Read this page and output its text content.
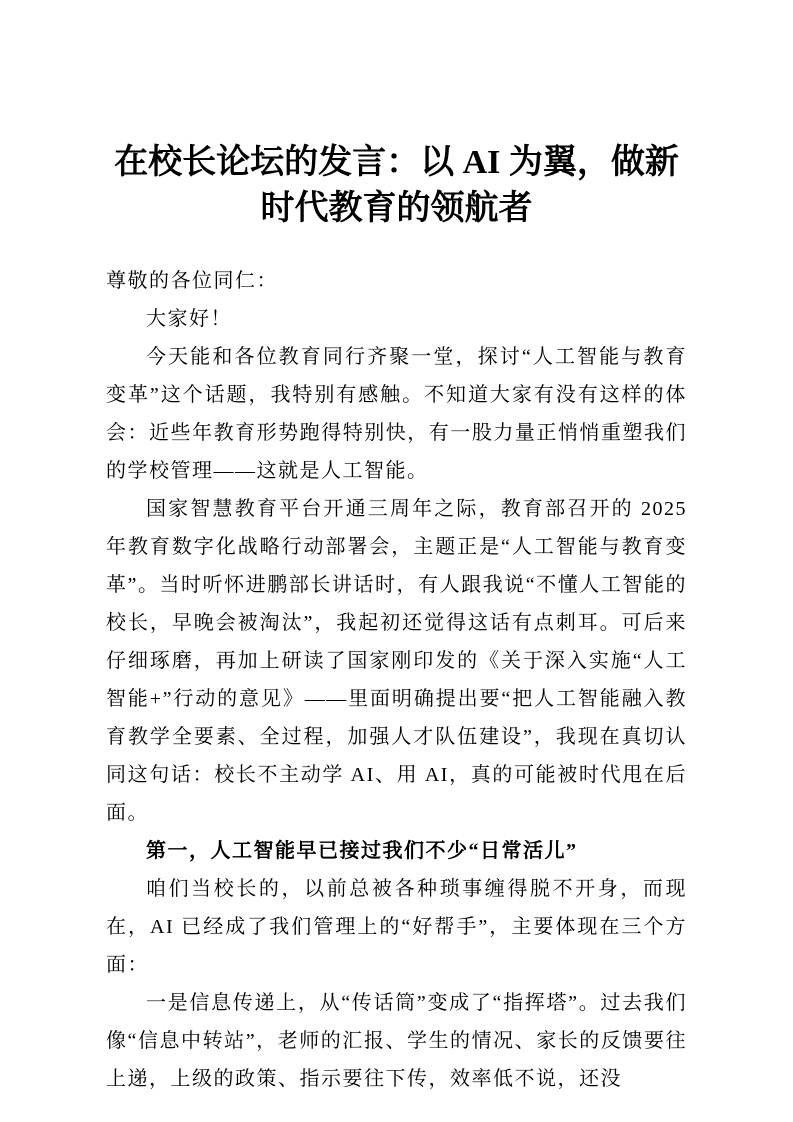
在校长论坛的发言：以 AI 为翼，做新时代教育的领航者

尊敬的各位同仁：

大家好！

今天能和各位教育同行齐聚一堂，探讨“人工智能与教育变革”这个话题，我特别有感触。不知道大家有没有这样的体会：近些年教育形势跑得特别快，有一股力量正悄悄重塑我们的学校管理——这就是人工智能。

国家智慧教育平台开通三周年之际，教育部召开的 2025 年教育数字化战略行动部署会，主题正是“人工智能与教育变革”。当时听怀进鹏部长讲话时，有人跟我说“不懂人工智能的校长，早晚会被淘汰”，我起初还觉得这话有点刺耳。可后来仔细琢磨，再加上研读了国家刚印发的《关于深入实施“人工智能+”行动的意见》——里面明确提出要“把人工智能融入教育教学全要素、全过程，加强人才队伍建设”，我现在真切认同这句话：校长不主动学 AI、用 AI，真的可能被时代甩在后面。

第一，人工智能早已接过我们不少“日常活儿”

咱们当校长的，以前总被各种琐事缠得脱不开身，而现在，AI 已经成了我们管理上的“好帮手”，主要体现在三个方面：

一是信息传递上，从“传话筒”变成了“指挥塔”。过去我们像“信息中转站”，老师的汇报、学生的情况、家长的反馈要往上递，上级的政策、指示要往下传，效率低不说，还没
